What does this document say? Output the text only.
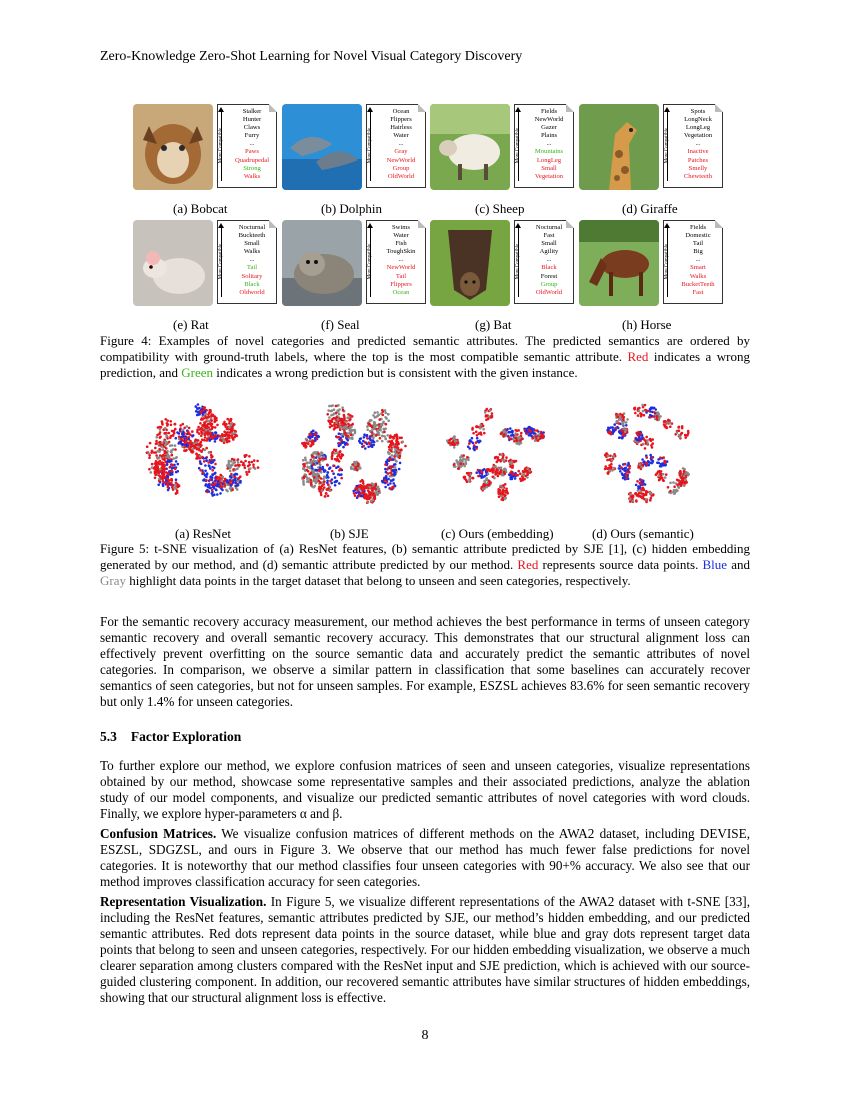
Zero-Knowledge Zero-Shot Learning for Novel Visual Category Discovery
More Compatible
Stalker
Hunter
Claws
Furry
...
Paws
Quadrupedal
Strong
Walks
(a) Bobcat
More Compatible
Ocean
Flippers
Hairless
Water
...
Gray
NewWorld
Group
OldWorld
(b) Dolphin
More Compatible
Fields
NewWorld
Gazer
Plains
...
Mountains
LongLeg
Small
Vegetation
(c) Sheep
More Compatible
Spots
LongNeck
LongLeg
Vegetation
...
Inactive
Patches
Smelly
Chewteeth
(d) Giraffe
More Compatible
Nocturnal
Buckteeth
Small
Walks
...
Tail
Solitary
Black
Oldworld
(e) Rat
More Compatible
Swims
Water
Fish
ToughSkin
...
NewWorld
Tail
Flippers
Ocean
(f) Seal
More Compatible
Nocturnal
Fast
Small
Agility
...
Black
Forest
Group
OldWorld
(g) Bat
More Compatible
Fields
Domestic
Tail
Big
...
Smart
Walks
BucketTeeth
Fast
(h) Horse
Figure 4: Examples of novel categories and predicted semantic attributes. The predicted semantics are ordered by compatibility with ground-truth labels, where the top is the most compatible semantic attribute. Red indicates a wrong prediction, and Green indicates a wrong prediction but is consistent with the given instance.
(a) ResNet	(b) SJE	(c) Ours (embedding)	(d) Ours (semantic)
Figure 5: t-SNE visualization of (a) ResNet features, (b) semantic attribute predicted by SJE [1], (c) hidden embedding generated by our method, and (d) semantic attribute predicted by our method. Red represents source data points. Blue and Gray highlight data points in the target dataset that belong to unseen and seen categories, respectively.
For the semantic recovery accuracy measurement, our method achieves the best performance in terms of unseen category semantic recovery and overall semantic recovery accuracy. This demonstrates that our structural alignment loss can effectively prevent overfitting on the source semantic data and accurately predict the semantic attributes of novel categories. In comparison, we observe a similar pattern in classification that some baselines can accurately recover semantics of seen categories, but not for unseen samples. For example, ESZSL achieves 83.6% for seen semantic recovery but only 1.4% for unseen categories.
5.3 Factor Exploration
To further explore our method, we explore confusion matrices of seen and unseen categories, visualize representations obtained by our method, showcase some representative samples and their associated predictions, analyze the ablation study of our model components, and visualize our predicted semantic attributes of novel categories with word clouds. Finally, we explore hyper-parameters α and β.
Confusion Matrices. We visualize confusion matrices of different methods on the AWA2 dataset, including DEVISE, ESZSL, SDGZSL, and ours in Figure 3. We observe that our method has much fewer false predictions for novel categories. It is noteworthy that our method classifies four unseen categories with 90+% accuracy. We also see that our method improves classification accuracy for seen categories.
Representation Visualization. In Figure 5, we visualize different representations of the AWA2 dataset with t-SNE [33], including the ResNet features, semantic attributes predicted by SJE, our method’s hidden embedding, and our predicted semantic attributes. Red dots represent data points in the source dataset, while blue and gray dots represent target data points that belong to seen and unseen categories, respectively. For our hidden embedding visualization, we observe a much clearer separation among clusters compared with the ResNet input and SJE prediction, which is achieved with our source-guided clustering component. In addition, our recovered semantic attributes have similar structures of hidden embeddings, showing that our structural alignment loss is effective.
8
